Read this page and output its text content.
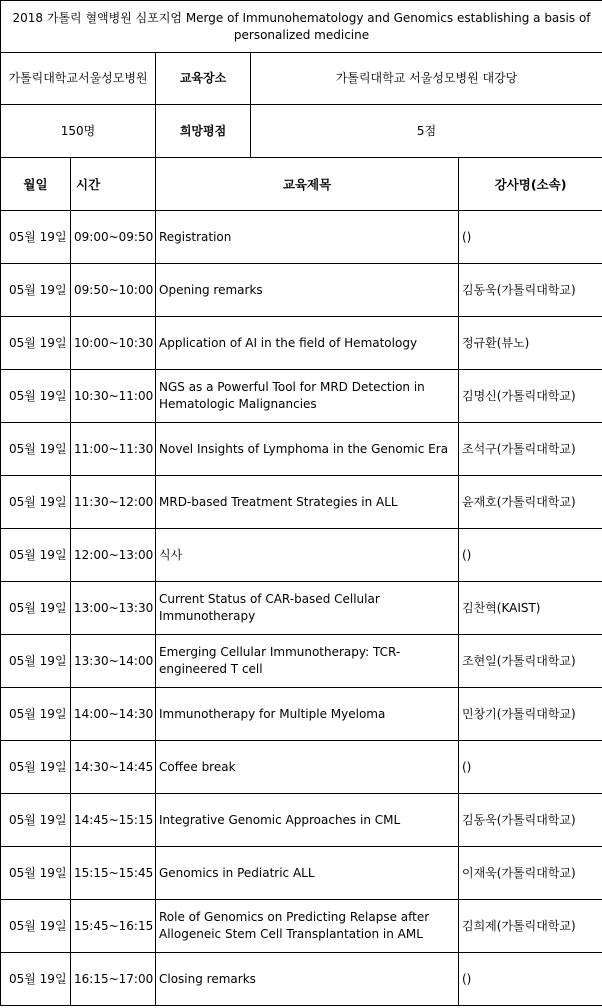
2018 가톨릭 혈액병원 심포지엄 Merge of Immunohematology and Genomics establishing a basis of personalized medicine				
가톨릭대학교서울성모병원		교육장소	가톨릭대학교 서울성모병원 대강당	
150명		희망평점	5점	
월일	시간	교육제목		강사명(소속)
05월 19일	09:00~09:50	Registration		()
05월 19일	09:50~10:00	Opening remarks		김동욱(가톨릭대학교)
05월 19일	10:00~10:30	Application of AI in the field of Hematology		정규환(뷰노)
05월 19일	10:30~11:00	NGS as a Powerful Tool for MRD Detection in Hematologic Malignancies		김명신(가톨릭대학교)
05월 19일	11:00~11:30	Novel Insights of Lymphoma in the Genomic Era		조석구(가톨릭대학교)
05월 19일	11:30~12:00	MRD-based Treatment Strategies in ALL		윤재호(가톨릭대학교)
05월 19일	12:00~13:00	식사		()
05월 19일	13:00~13:30	Current Status of CAR-based Cellular Immunotherapy		김찬혁(KAIST)
05월 19일	13:30~14:00	Emerging Cellular Immunotherapy: TCR-engineered T cell		조현일(가톨릭대학교)
05월 19일	14:00~14:30	Immunotherapy for Multiple Myeloma		민창기(가톨릭대학교)
05월 19일	14:30~14:45	Coffee break		()
05월 19일	14:45~15:15	Integrative Genomic Approaches in CML		김동욱(가톨릭대학교)
05월 19일	15:15~15:45	Genomics in Pediatric ALL		이재욱(가톨릭대학교)
05월 19일	15:45~16:15	Role of Genomics on Predicting Relapse after Allogeneic Stem Cell Transplantation in AML		김희제(가톨릭대학교)
05월 19일	16:15~17:00	Closing remarks		()
